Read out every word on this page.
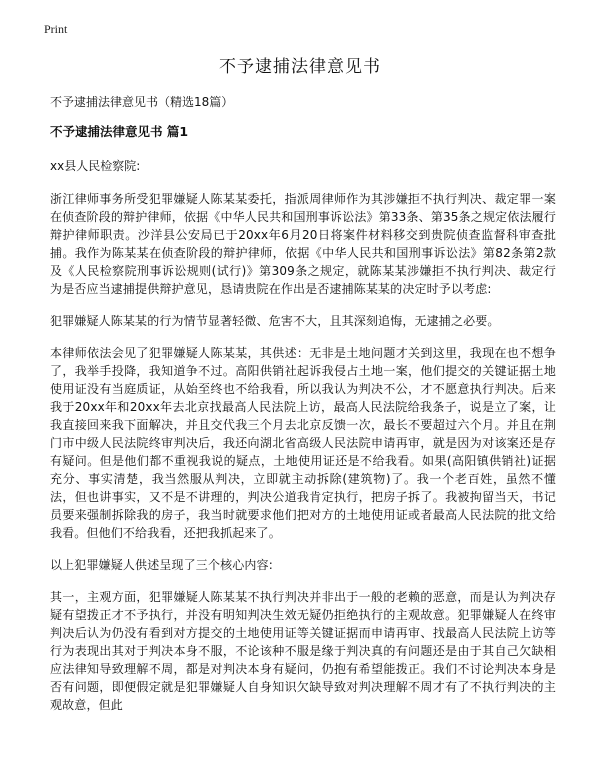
Print
不予逮捕法律意见书

不予逮捕法律意见书（精选18篇）

不予逮捕法律意见书 篇1

xx县人民检察院:

浙江律师事务所受犯罪嫌疑人陈某某委托，指派周律师作为其涉嫌拒不执行判决、裁定罪一案在侦查阶段的辩护律师，依据《中华人民共和国刑事诉讼法》第33条、第35条之规定依法履行辩护律师职责。沙洋县公安局已于20xx年6月20日将案件材料移交到贵院侦查监督科审查批捕。我作为陈某某在侦查阶段的辩护律师，依据《中华人民共和国刑事诉讼法》第82条第2款及《人民检察院刑事诉讼规则(试行)》第309条之规定，就陈某某涉嫌拒不执行判决、裁定行为是否应当逮捕提供辩护意见，恳请贵院在作出是否逮捕陈某某的决定时予以考虑:

犯罪嫌疑人陈某某的行为情节显著轻微、危害不大，且其深刻追悔，无逮捕之必要。

本律师依法会见了犯罪嫌疑人陈某某，其供述：无非是土地问题才关到这里，我现在也不想争了，我举手投降，我知道争不过。高阳供销社起诉我侵占土地一案，他们提交的关键证据土地使用证没有当庭质证，从始至终也不给我看，所以我认为判决不公，才不愿意执行判决。后来我于20xx年和20xx年去北京找最高人民法院上访，最高人民法院给我条子，说是立了案，让我直接回来我下面解决，并且交代我三个月去北京反馈一次，最长不要超过六个月。并且在荆门市中级人民法院终审判决后，我还向湖北省高级人民法院申请再审，就是因为对该案还是存有疑问。但是他们都不重视我说的疑点，土地使用证还是不给我看。如果(高阳镇供销社)证据充分、事实清楚，我当然服从判决，立即就主动拆除(建筑物)了。我一个老百姓，虽然不懂法，但也讲事实，又不是不讲理的，判决公道我肯定执行，把房子拆了。我被拘留当天，书记员要来强制拆除我的房子，我当时就要求他们把对方的土地使用证或者最高人民法院的批文给我看。但他们不给我看，还把我抓起来了。

以上犯罪嫌疑人供述呈现了三个核心内容:

其一，主观方面，犯罪嫌疑人陈某某不执行判决并非出于一般的老赖的恶意，而是认为判决存疑有望拨正才不予执行，并没有明知判决生效无疑仍拒绝执行的主观故意。犯罪嫌疑人在终审判决后认为仍没有看到对方提交的土地使用证等关键证据而申请再审、找最高人民法院上访等行为表现出其对于判决本身不服，不论该种不服是缘于判决真的有问题还是由于其自己欠缺相应法律知导致理解不周，都是对判决本身有疑问，仍抱有希望能拨正。我们不讨论判决本身是否有问题，即便假定就是犯罪嫌疑人自身知识欠缺导致对判决理解不周才有了不执行判决的主观故意，但此
